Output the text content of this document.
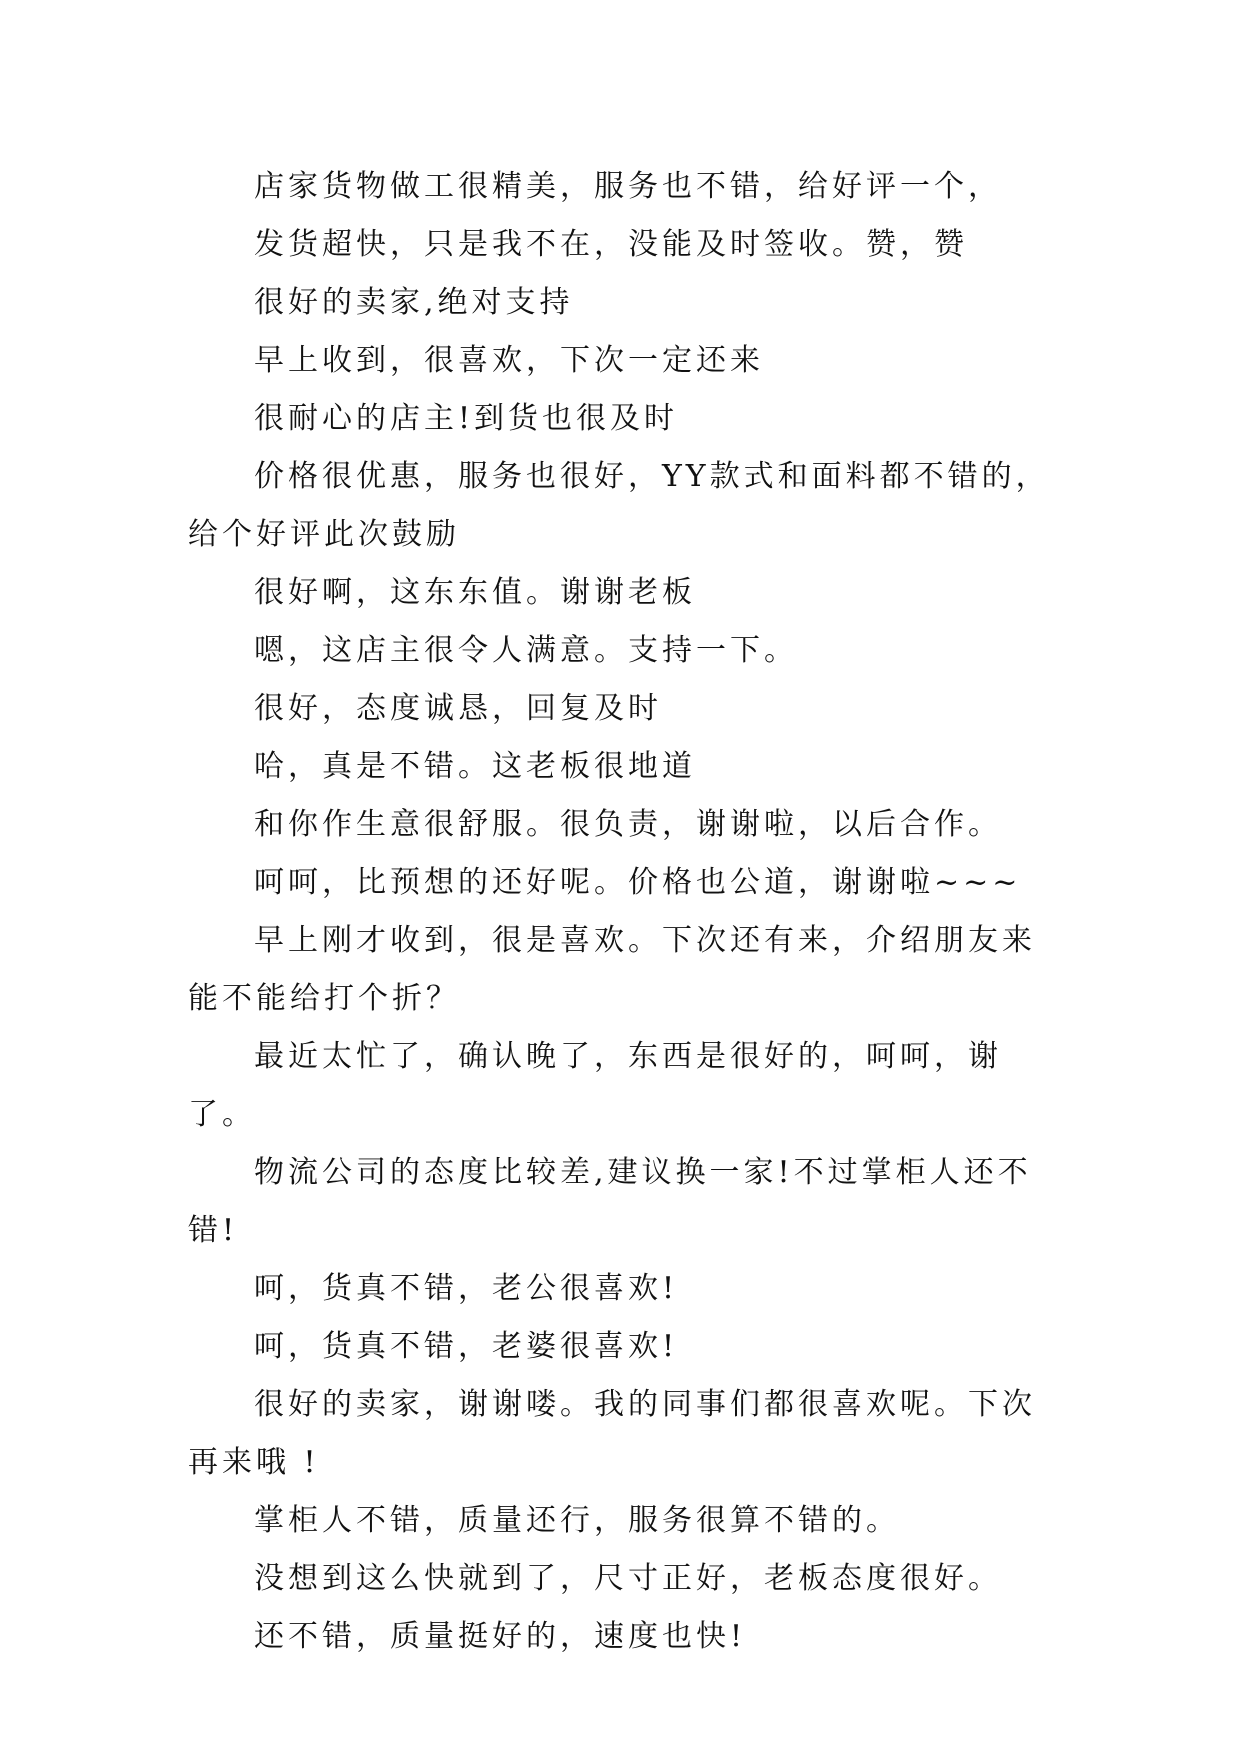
店家货物做工很精美，服务也不错，给好评一个，

发货超快，只是我不在，没能及时签收。赞，赞

很好的卖家,绝对支持

早上收到，很喜欢，下次一定还来

很耐心的店主!到货也很及时

价格很优惠，服务也很好，YY款式和面料都不错的，给个好评此次鼓励

很好啊，这东东值。谢谢老板

嗯，这店主很令人满意。支持一下。

很好，态度诚恳，回复及时

哈，真是不错。这老板很地道

和你作生意很舒服。很负责，谢谢啦，以后合作。

呵呵，比预想的还好呢。价格也公道，谢谢啦~~~

早上刚才收到，很是喜欢。下次还有来，介绍朋友来能不能给打个折？

最近太忙了，确认晚了，东西是很好的，呵呵，谢了。

物流公司的态度比较差,建议换一家!不过掌柜人还不错!

呵，货真不错，老公很喜欢!

呵，货真不错，老婆很喜欢!

很好的卖家，谢谢喽。我的同事们都很喜欢呢。下次再来哦 !

掌柜人不错，质量还行，服务很算不错的。

没想到这么快就到了，尺寸正好，老板态度很好。

还不错，质量挺好的，速度也快!
